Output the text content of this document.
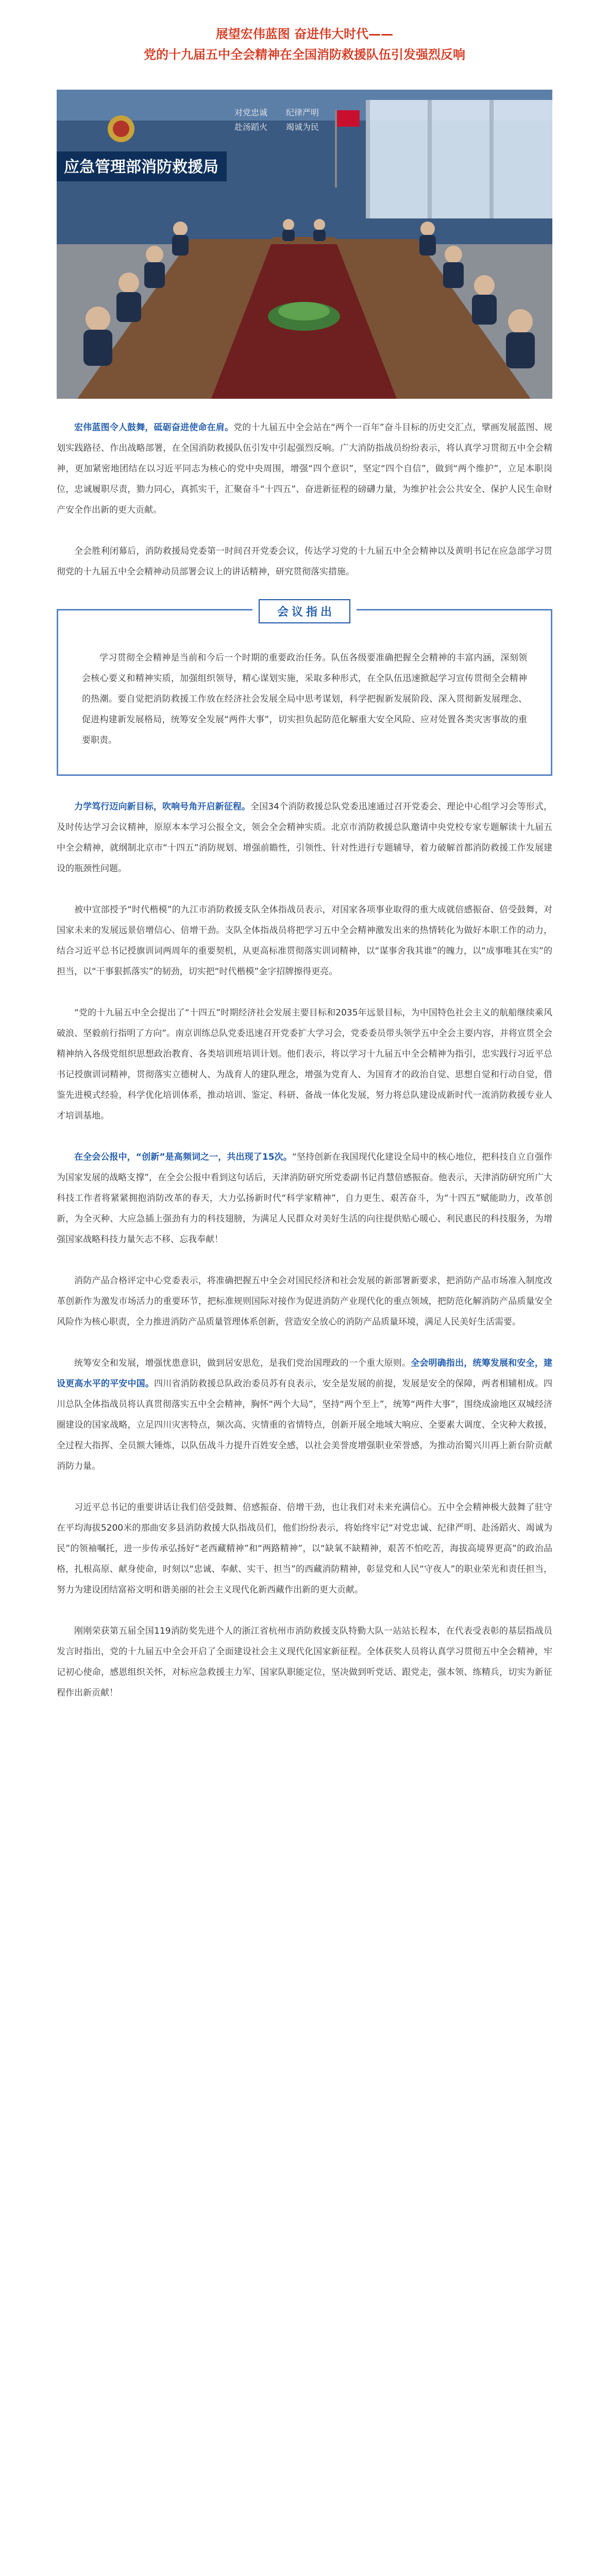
展望宏伟蓝图 奋进伟大时代——
党的十九届五中全会精神在全国消防救援队伍引发强烈反响
应急管理部消防救援局
对党忠诚 纪律严明
赴汤蹈火 竭诚为民

宏伟蓝图令人鼓舞，砥砺奋进使命在肩。党的十九届五中全会站在“两个一百年”奋斗目标的历史交汇点，擘画发展蓝图、规划实践路径、作出战略部署，在全国消防救援队伍引发中引起强烈反响。广大消防指战员纷纷表示，将认真学习贯彻五中全会精神，更加紧密地团结在以习近平同志为核心的党中央周围，增强“四个意识”，坚定“四个自信”，做到“两个维护”，立足本职岗位，忠诚履职尽责，勠力同心，真抓实干，汇聚奋斗“十四五”、奋进新征程的磅礴力量，为维护社会公共安全、保护人民生命财产安全作出新的更大贡献。

全会胜利闭幕后，消防救援局党委第一时间召开党委会议，传达学习党的十九届五中全会精神以及黄明书记在应急部学习贯彻党的十九届五中全会精神动员部署会议上的讲话精神，研究贯彻落实措施。

会议指出

学习贯彻全会精神是当前和今后一个时期的重要政治任务。队伍各级要准确把握全会精神的丰富内涵，深刻领会核心要义和精神实质，加强组织领导，精心谋划实施，采取多种形式，在全队伍迅速掀起学习宣传贯彻全会精神的热潮。要自觉把消防救援工作放在经济社会发展全局中思考谋划，科学把握新发展阶段、深入贯彻新发展理念、促进构建新发展格局，统筹安全发展“两件大事”，切实担负起防范化解重大安全风险、应对处置各类灾害事故的重要职责。

力学笃行迈向新目标，吹响号角开启新征程。全国34个消防救援总队党委迅速通过召开党委会、理论中心组学习会等形式，及时传达学习会议精神，原原本本学习公报全文，领会全会精神实质。北京市消防救援总队邀请中央党校专家专题解读十九届五中全会精神，就纲制北京市“十四五”消防规划、增强前瞻性，引领性、针对性进行专题辅导，着力破解首都消防救援工作发展建设的瓶颈性问题。

被中宣部授予“时代楷模”的九江市消防救援支队全体指战员表示，对国家各项事业取得的重大成就倍感振奋、倍受鼓舞，对国家未来的发展远景倍增信心、倍增干劲。支队全体指战员将把学习五中全会精神激发出来的热情转化为做好本职工作的动力，结合习近平总书记授旗训词两周年的重要契机，从更高标准贯彻落实训词精神，以“谋事舍我其谁”的魄力，以“成事唯其在实”的担当，以“干事狠抓落实”的韧劲，切实把“时代楷模”金字招牌擦得更亮。

“党的十九届五中全会提出了“十四五”时期经济社会发展主要目标和2035年远景目标，为中国特色社会主义的航船继续乘风破浪、坚毅前行指明了方向”。南京训练总队党委迅速召开党委扩大学习会，党委委员带头领学五中全会主要内容，并将宣贯全会精神纳入各级党组织思想政治教育、各类培训班培训计划。他们表示，将以学习十九届五中全会精神为指引，忠实践行习近平总书记授旗训词精神，贯彻落实立德树人、为战育人的建队理念，增强为党育人、为国育才的政治自觉、思想自觉和行动自觉，借鉴先进模式经验，科学优化培训体系，推动培训、鉴定、科研、备战一体化发展，努力将总队建设成新时代一流消防救援专业人才培训基地。

在全会公报中，“创新”是高频词之一，共出现了15次。“坚持创新在我国现代化建设全局中的核心地位，把科技自立自强作为国家发展的战略支撑”，在全会公报中看到这句话后，天津消防研究所党委副书记肖慧倍感振奋。他表示，天津消防研究所广大科技工作者将紧紧拥抱消防改革的春天，大力弘扬新时代“科学家精神”，自力更生、艰苦奋斗，为“十四五”赋能助力，改革创新，为全灭种、大应急插上强劲有力的科技翅膀，为满足人民群众对美好生活的向往提供贴心暖心、利民惠民的科技服务，为增强国家战略科技力量矢志不移、忘我奉献！

消防产品合格评定中心党委表示，将准确把握五中全会对国民经济和社会发展的新部署新要求，把消防产品市场准入制度改革创新作为激发市场活力的重要环节，把标准规则国际对接作为促进消防产业现代化的重点领域，把防范化解消防产品质量安全风险作为核心职责，全力推进消防产品质量管理体系创新，营造安全放心的消防产品质量环境，满足人民美好生活需要。

统筹安全和发展，增强忧患意识，做到居安思危，是我们党治国理政的一个重大原则。全会明确指出，统筹发展和安全，建设更高水平的平安中国。四川省消防救援总队政治委员苏有良表示，安全是发展的前提，发展是安全的保障，两者相辅相成。四川总队全体指战员将认真贯彻落实五中全会精神，胸怀“两个大局”，坚持“两个至上”，统筹“两件大事”，围绕成渝地区双城经济圈建设的国家战略，立足四川灾害特点，频次高、灾情重的省情特点，创新开展全地域大响应、全要素大调度、全灾种大救援，全过程大指挥、全员额大锤炼，以队伍战斗力提升百姓安全感，以社会美誉度增强职业荣誉感，为推动治蜀兴川再上新台阶贡献消防力量。

习近平总书记的重要讲话让我们倍受鼓舞、倍感振奋、倍增干劲，也让我们对未来充满信心。五中全会精神极大鼓舞了驻守在平均海拔5200米的那曲安多县消防救援大队指战员们，他们纷纷表示，将始终牢记“对党忠诚、纪律严明、赴汤蹈火、竭诚为民”的领袖嘱托，进一步传承弘扬好“老西藏精神”和“两路精神”，以“缺氧不缺精神，艰苦不怕吃苦，海拔高境界更高”的政治品格，扎根高原、献身使命，时刻以“忠诚、奉献、实干、担当”的西藏消防精神，彰显党和人民“守夜人”的职业荣光和责任担当，努力为建设团结富裕文明和谐美丽的社会主义现代化新西藏作出新的更大贡献。

刚刚荣获第五届全国119消防奖先进个人的浙江省杭州市消防救援支队特勤大队一站站长程本，在代表受表彰的基层指战员发言时指出，党的十九届五中全会开启了全面建设社会主义现代化国家新征程。全体获奖人员将认真学习贯彻五中全会精神，牢记初心使命，感恩组织关怀，对标应急救援主力军、国家队职能定位，坚决做到听党话、跟党走，强本领、练精兵，切实为新征程作出新贡献！
